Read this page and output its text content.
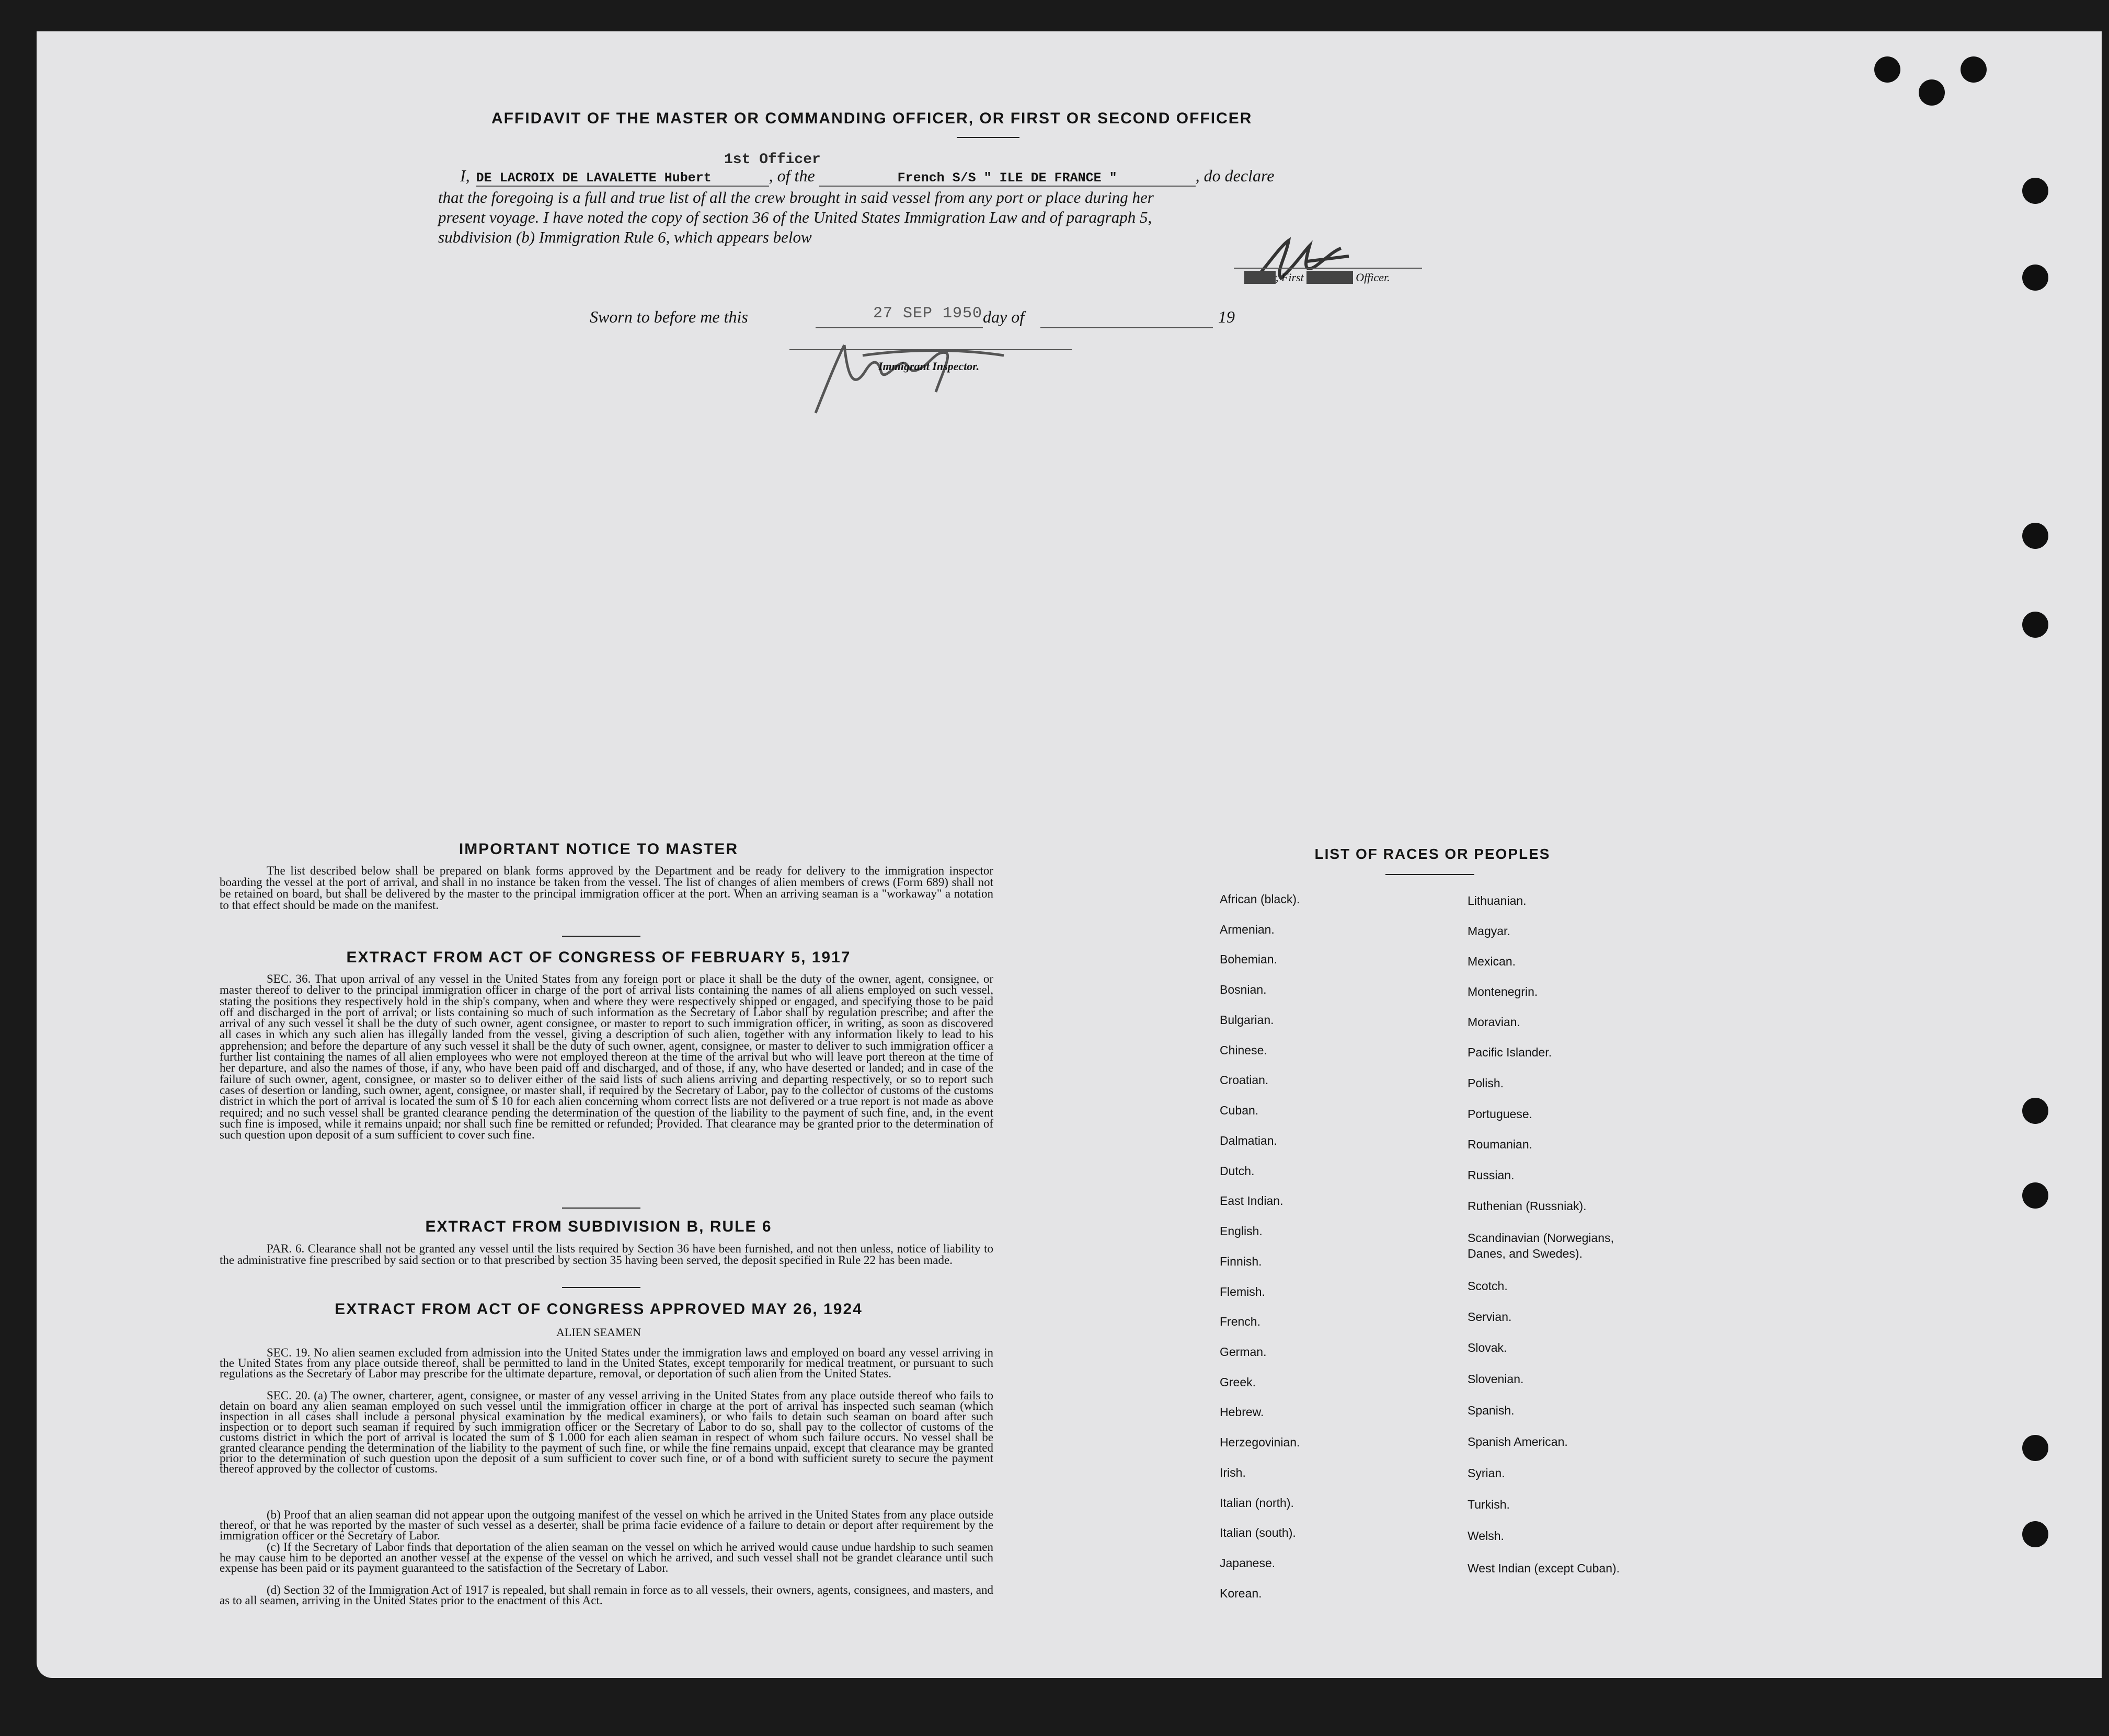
AFFIDAVIT OF THE MASTER OR COMMANDING OFFICER, OR FIRST OR SECOND OFFICER
1st Officer
I, DE LACROIX DE LAVALETTE Hubert	, of the	French S/S " ILE DE FRANCE "	, do declare
that the foregoing is a full and true list of all the crew brought in said vessel from any port or place during her
present voyage. I have noted the copy of section 36 of the United States Immigration Law and of paragraph 5,
subdivision (b) Immigration Rule 6, which appears below
Master, First or Second Officer.
Sworn to before me this	27 SEP 1950 day of	19
Immigrant Inspector.
IMPORTANT NOTICE TO MASTER
The list described below shall be prepared on blank forms approved by the Department and be ready for delivery to the immigration inspector boarding the vessel at the port of arrival, and shall in no instance be taken from the vessel. The list of changes of alien members of crews (Form 689) shall not be retained on board, but shall be delivered by the master to the principal immigration officer at the port. When an arriving seaman is a "workaway" a notation to that effect should be made on the manifest.
EXTRACT FROM ACT OF CONGRESS OF FEBRUARY 5, 1917
SEC. 36. That upon arrival of any vessel in the United States from any foreign port or place it shall be the duty of the owner, agent, consignee, or master thereof to deliver to the principal immigration officer in charge of the port of arrival lists containing the names of all aliens employed on such vessel, stating the positions they respectively hold in the ship's company, when and where they were respectively shipped or engaged, and specifying those to be paid off and discharged in the port of arrival; or lists containing so much of such information as the Secretary of Labor shall by regulation prescribe; and after the arrival of any such vessel it shall be the duty of such owner, agent consignee, or master to report to such immigration officer, in writing, as soon as discovered all cases in which any such alien has illegally landed from the vessel, giving a description of such alien, together with any information likely to lead to his apprehension; and before the departure of any such vessel it shall be the duty of such owner, agent, consignee, or master to deliver to such immigration officer a further list containing the names of all alien employees who were not employed thereon at the time of the arrival but who will leave port thereon at the time of her departure, and also the names of those, if any, who have been paid off and discharged, and of those, if any, who have deserted or landed; and in case of the failure of such owner, agent, consignee, or master so to deliver either of the said lists of such aliens arriving and departing respectively, or so to report such cases of desertion or landing, such owner, agent, consignee, or master shall, if required by the Secretary of Labor, pay to the collector of customs of the customs district in which the port of arrival is located the sum of $ 10 for each alien concerning whom correct lists are not delivered or a true report is not made as above required; and no such vessel shall be granted clearance pending the determination of the question of the liability to the payment of such fine, and, in the event such fine is imposed, while it remains unpaid; nor shall such fine be remitted or refunded; Provided. That clearance may be granted prior to the determination of such question upon deposit of a sum sufficient to cover such fine.
EXTRACT FROM SUBDIVISION B, RULE 6
PAR. 6. Clearance shall not be granted any vessel until the lists required by Section 36 have been furnished, and not then unless, notice of liability to the administrative fine prescribed by said section or to that prescribed by section 35 having been served, the deposit specified in Rule 22 has been made.
EXTRACT FROM ACT OF CONGRESS APPROVED MAY 26, 1924
ALIEN SEAMEN
SEC. 19. No alien seamen excluded from admission into the United States under the immigration laws and employed on board any vessel arriving in the United States from any place outside thereof, shall be permitted to land in the United States, except temporarily for medical treatment, or pursuant to such regulations as the Secretary of Labor may prescribe for the ultimate departure, removal, or deportation of such alien from the United States.
SEC. 20. (a) The owner, charterer, agent, consignee, or master of any vessel arriving in the United States from any place outside thereof who fails to detain on board any alien seaman employed on such vessel until the immigration officer in charge at the port of arrival has inspected such seaman (which inspection in all cases shall include a personal physical examination by the medical examiners), or who fails to detain such seaman on board after such inspection or to deport such seaman if required by such immigration officer or the Secretary of Labor to do so, shall pay to the collector of customs of the customs district in which the port of arrival is located the sum of $ 1.000 for each alien seaman in respect of whom such failure occurs. No vessel shall be granted clearance pending the determination of the liability to the payment of such fine, or while the fine remains unpaid, except that clearance may be granted prior to the determination of such question upon the deposit of a sum sufficient to cover such fine, or of a bond with sufficient surety to secure the payment thereof approved by the collector of customs.
(b) Proof that an alien seaman did not appear upon the outgoing manifest of the vessel on which he arrived in the United States from any place outside thereof, or that he was reported by the master of such vessel as a deserter, shall be prima facie evidence of a failure to detain or deport after requirement by the immigration officer or the Secretary of Labor.
(c) If the Secretary of Labor finds that deportation of the alien seaman on the vessel on which he arrived would cause undue hardship to such seamen he may cause him to be deported an another vessel at the expense of the vessel on which he arrived, and such vessel shall not be grandet clearance until such expense has been paid or its payment guaranteed to the satisfaction of the Secretary of Labor.
(d) Section 32 of the Immigration Act of 1917 is repealed, but shall remain in force as to all vessels, their owners, agents, consignees, and masters, and as to all seamen, arriving in the United States prior to the enactment of this Act.
LIST OF RACES OR PEOPLES
African (black).
Armenian.
Bohemian.
Bosnian.
Bulgarian.
Chinese.
Croatian.
Cuban.
Dalmatian.
Dutch.
East Indian.
English.
Finnish.
Flemish.
French.
German.
Greek.
Hebrew.
Herzegovinian.
Irish.
Italian (north).
Italian (south).
Japanese.
Korean.
Lithuanian.
Magyar.
Mexican.
Montenegrin.
Moravian.
Pacific Islander.
Polish.
Portuguese.
Roumanian.
Russian.
Ruthenian (Russniak).
Scandinavian (Norwegians, Danes, and Swedes).
Scotch.
Servian.
Slovak.
Slovenian.
Spanish.
Spanish American.
Syrian.
Turkish.
Welsh.
West Indian (except Cuban).
